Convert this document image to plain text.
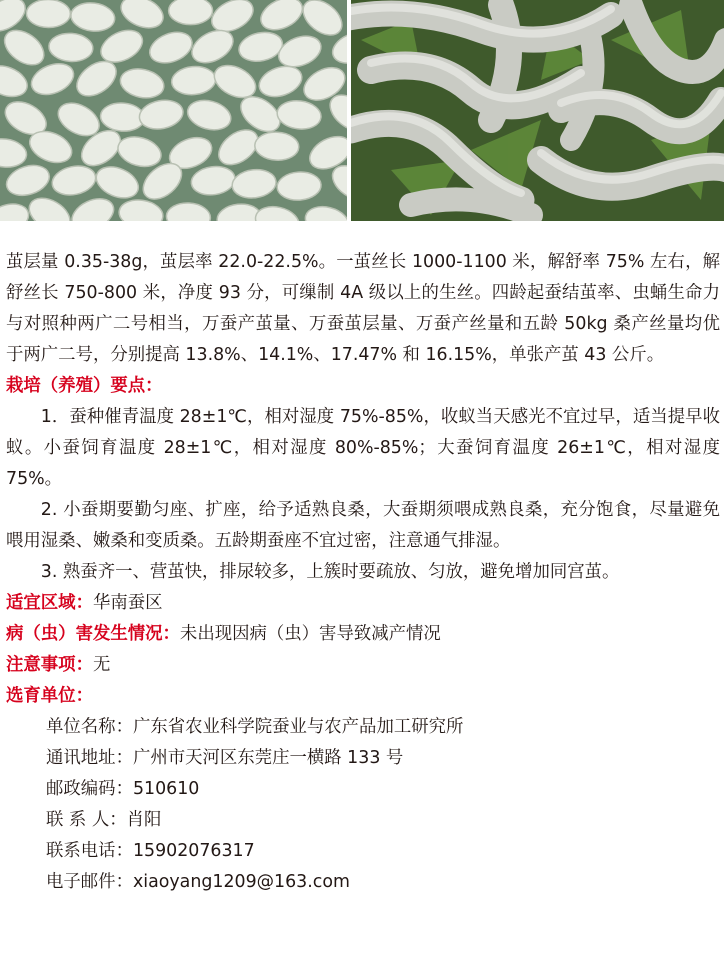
茧层量 0.35-38g，茧层率 22.0-22.5%。一茧丝长 1000-1100 米，解舒率 75% 左右，解舒丝长 750-800 米，净度 93 分，可缫制 4A 级以上的生丝。四龄起蚕结茧率、虫蛹生命力与对照种两广二号相当，万蚕产茧量、万蚕茧层量、万蚕产丝量和五龄 50kg 桑产丝量均优于两广二号，分别提高 13.8%、14.1%、17.47% 和 16.15%，单张产茧 43 公斤。

栽培（养殖）要点：

1．蚕种催青温度 28±1℃，相对湿度 75%-85%，收蚁当天感光不宜过早，适当提早收蚁。小蚕饲育温度 28±1℃，相对湿度 80%-85%；大蚕饲育温度 26±1℃，相对湿度 75%。

2. 小蚕期要勤匀座、扩座，给予适熟良桑，大蚕期须喂成熟良桑，充分饱食，尽量避免喂用湿桑、嫩桑和变质桑。五龄期蚕座不宜过密，注意通气排湿。

3. 熟蚕齐一、营茧快，排尿较多，上簇时要疏放、匀放，避免增加同宫茧。

适宜区域：华南蚕区

病（虫）害发生情况：未出现因病（虫）害导致减产情况

注意事项：无

选育单位：

单位名称：广东省农业科学院蚕业与农产品加工研究所
通讯地址：广州市天河区东莞庄一横路 133 号
邮政编码：510610
联 系 人：肖阳
联系电话：15902076317
电子邮件：xiaoyang1209@163.com
